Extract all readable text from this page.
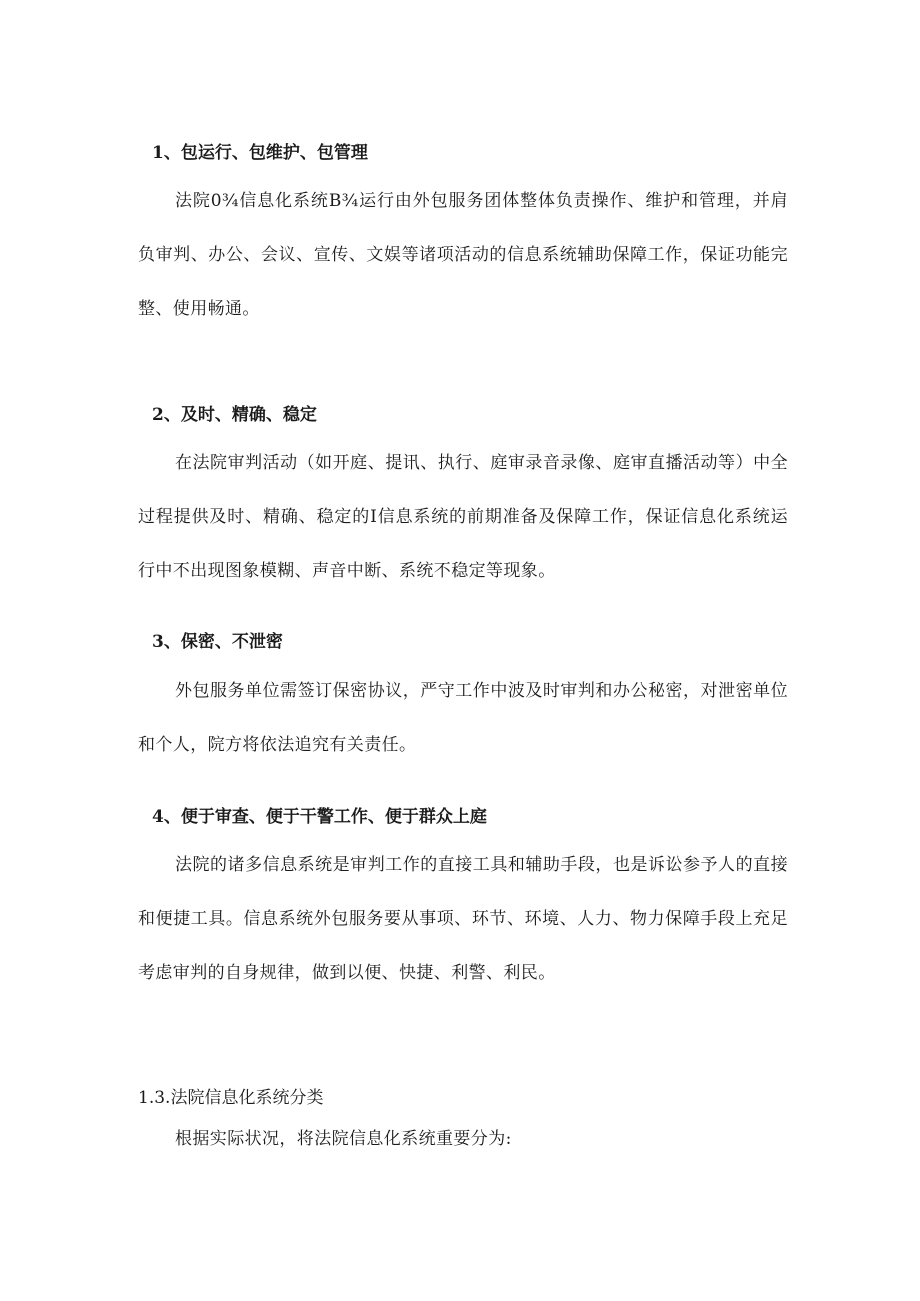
1、包运行、包维护、包管理
法院0¾信息化系统B¾运行由外包服务团体整体负责操作、维护和管理，并肩负审判、办公、会议、宣传、文娱等诸项活动的信息系统辅助保障工作，保证功能完整、使用畅通。
2、及时、精确、稳定
在法院审判活动（如开庭、提讯、执行、庭审录音录像、庭审直播活动等）中全过程提供及时、精确、稳定的I信息系统的前期准备及保障工作，保证信息化系统运行中不出现图象模糊、声音中断、系统不稳定等现象。
3、保密、不泄密
外包服务单位需签订保密协议，严守工作中波及时审判和办公秘密，对泄密单位和个人，院方将依法追究有关责任。
4、便于审查、便于干警工作、便于群众上庭
法院的诸多信息系统是审判工作的直接工具和辅助手段，也是诉讼参予人的直接和便捷工具。信息系统外包服务要从事项、环节、环境、人力、物力保障手段上充足考虑审判的自身规律，做到以便、快捷、利警、利民。
1.3.法院信息化系统分类
根据实际状况，将法院信息化系统重要分为:
